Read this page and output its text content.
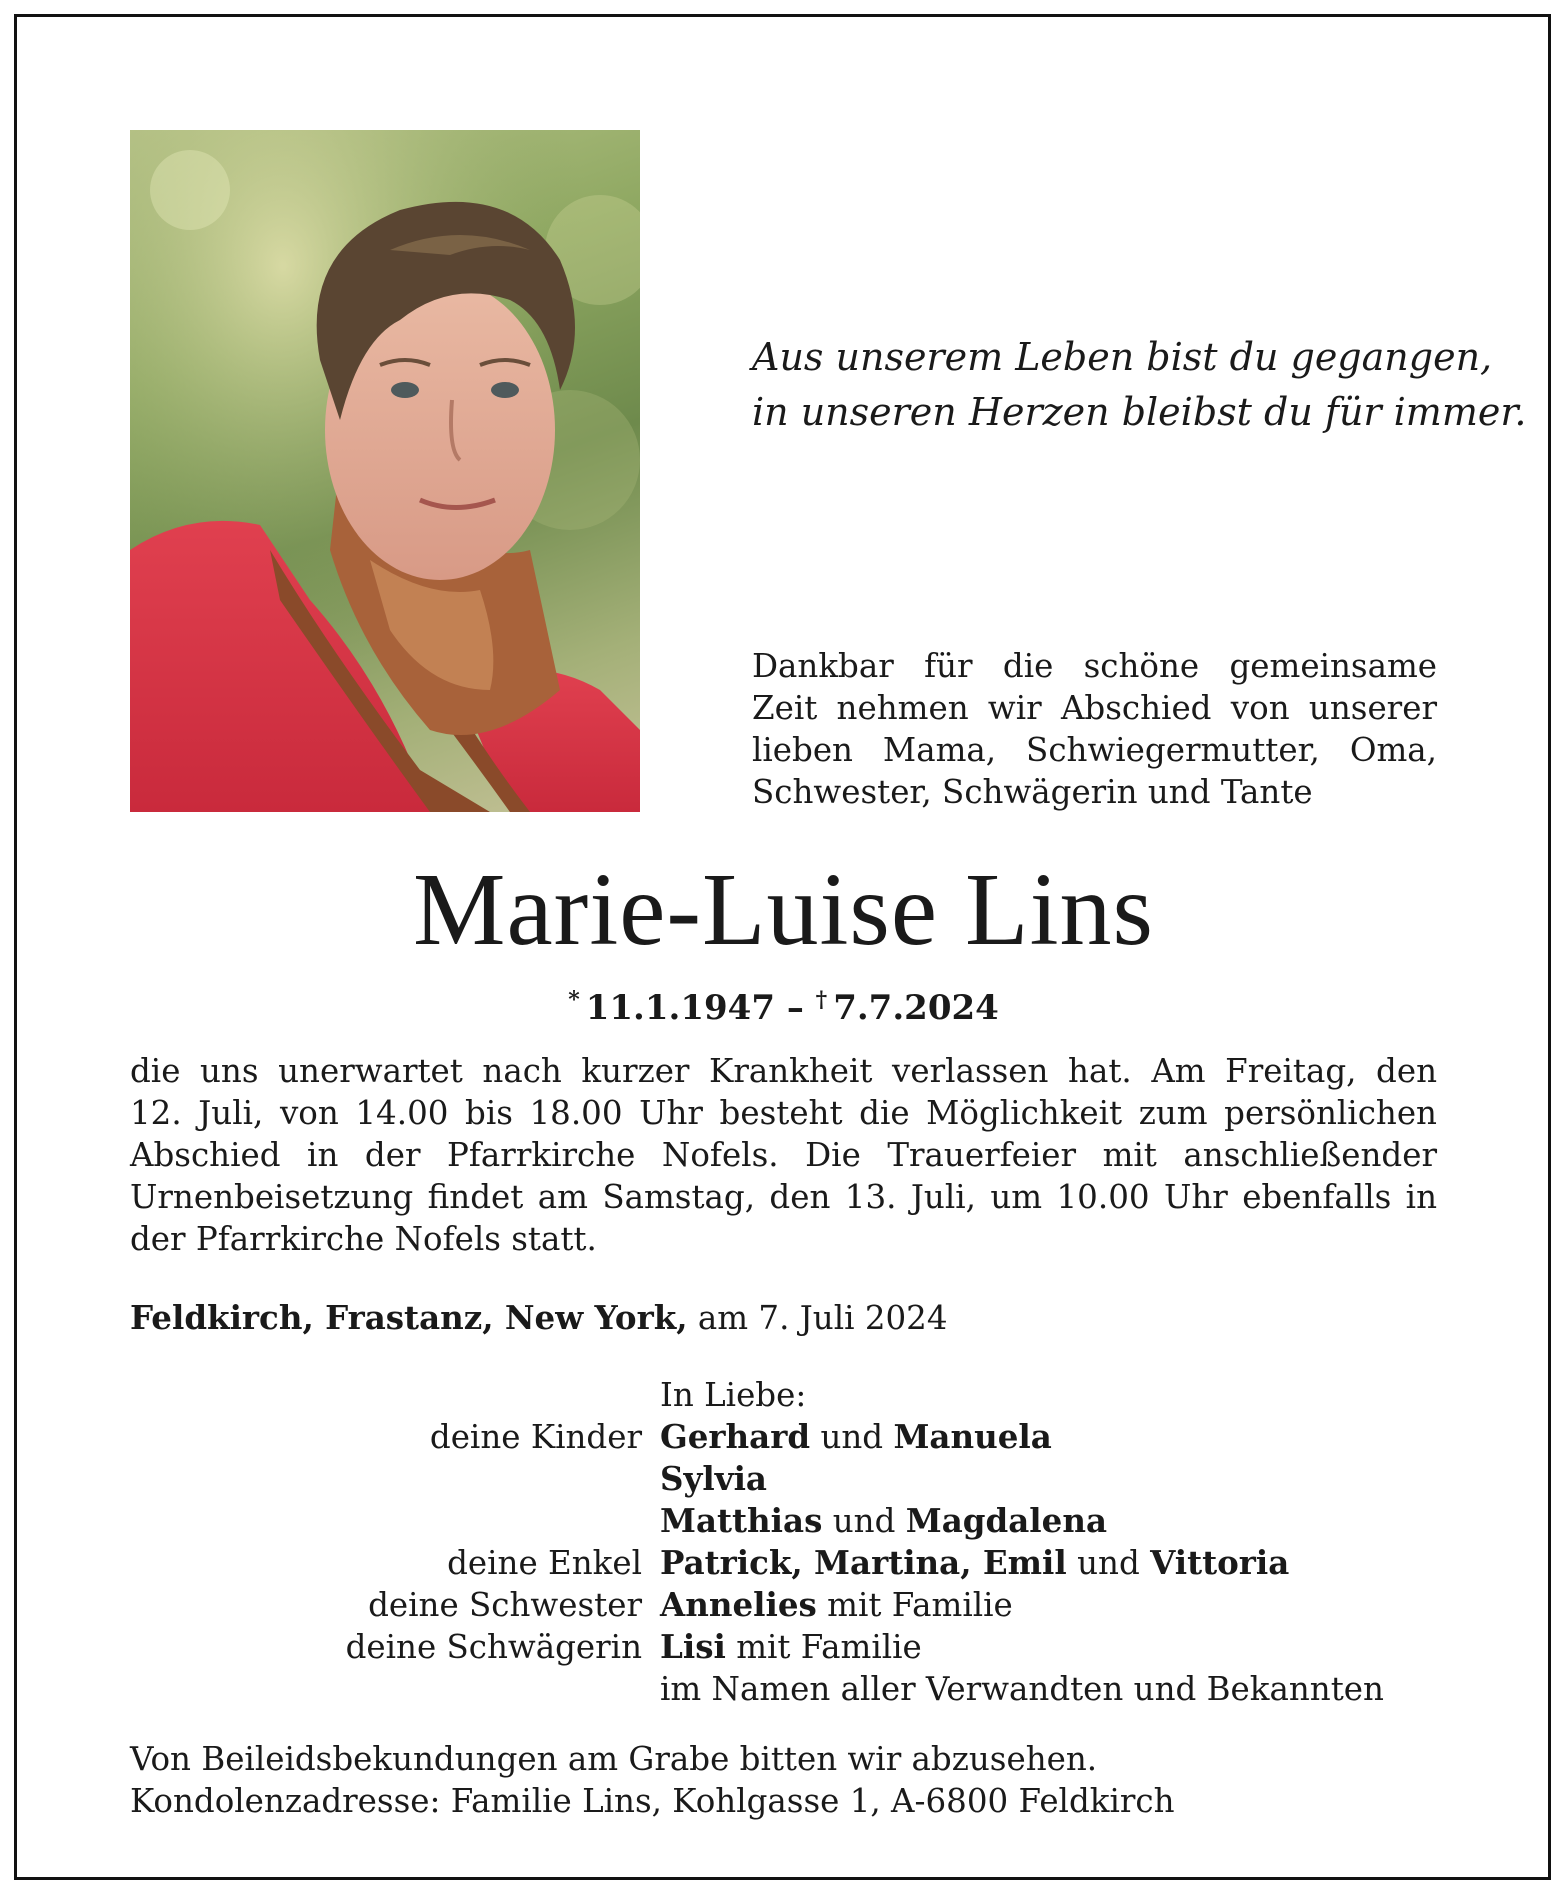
Aus unserem Leben bist du gegangen,
in unseren Herzen bleibst du für immer.
Dankbar für die schöne gemeinsame
Zeit nehmen wir Abschied von unserer
lieben Mama, Schwiegermutter, Oma,
Schwester, Schwägerin und Tante
Marie-Luise Lins
* 11.1.1947 – † 7.7.2024
die uns unerwartet nach kurzer Krankheit verlassen hat. Am Freitag, den
12. Juli, von 14.00 bis 18.00 Uhr besteht die Möglichkeit zum persönlichen
Abschied in der Pfarrkirche Nofels. Die Trauerfeier mit anschließender
Urnenbeisetzung findet am Samstag, den 13. Juli, um 10.00 Uhr ebenfalls in
der Pfarrkirche Nofels statt.
Feldkirch, Frastanz, New York, am 7. Juli 2024
In Liebe:
deine Kinder Gerhard und Manuela
Sylvia
Matthias und Magdalena
deine Enkel Patrick, Martina, Emil und Vittoria
deine Schwester Annelies mit Familie
deine Schwägerin Lisi mit Familie
im Namen aller Verwandten und Bekannten
Von Beileidsbekundungen am Grabe bitten wir abzusehen.
Kondolenzadresse: Familie Lins, Kohlgasse 1, A-6800 Feldkirch
